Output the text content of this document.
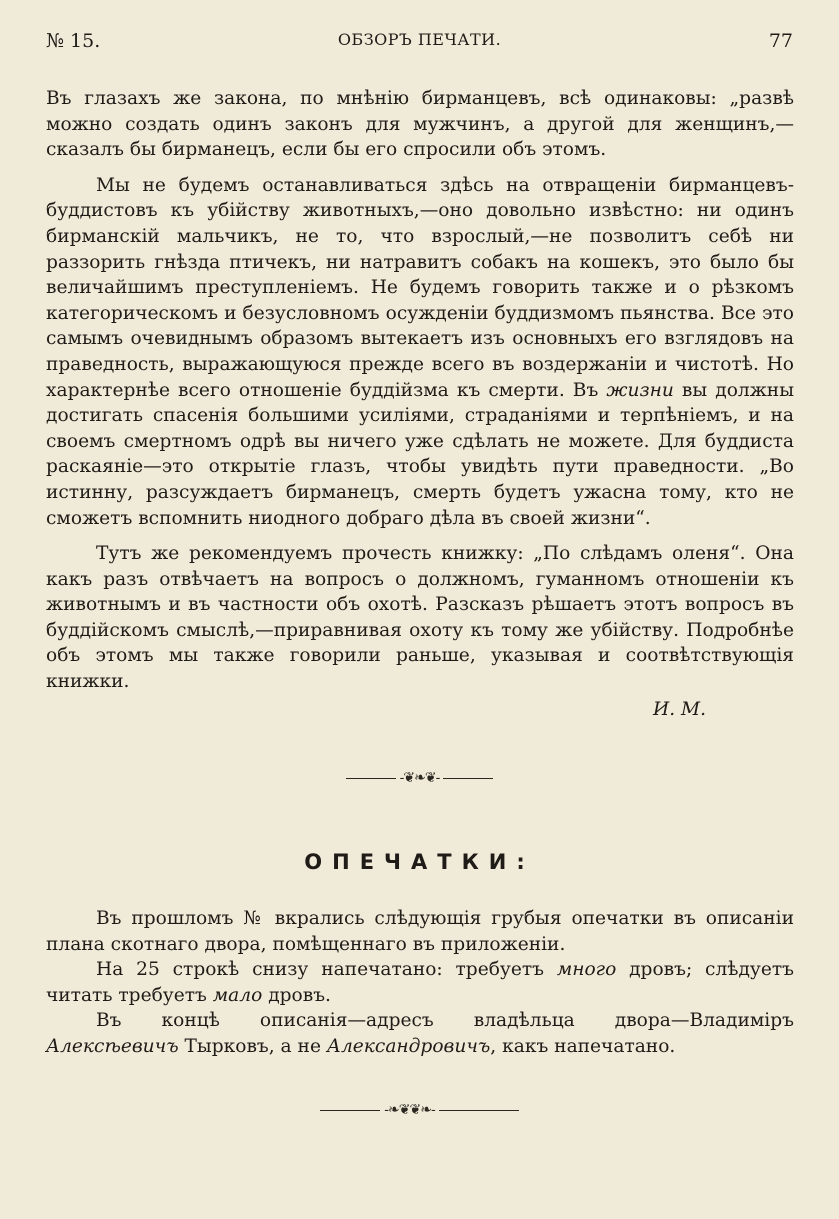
№ 15.	ОБЗОРЪ ПЕЧАТИ.	77

Въ глазахъ же закона, по мнѣнію бирманцевъ, всѣ одинаковы: „развѣ можно создать одинъ законъ для мужчинъ, а другой для женщинъ,—сказалъ бы бирманецъ, если бы его спросили объ этомъ.

Мы не будемъ останавливаться здѣсь на отвращеніи бирманцевъ-буддистовъ къ убійству животныхъ,—оно довольно извѣстно: ни одинъ бирманскій мальчикъ, не то, что взрослый,—не позволитъ себѣ ни раззорить гнѣзда птичекъ, ни натравитъ собакъ на кошекъ, это было бы величайшимъ преступленіемъ. Не будемъ говорить также и о рѣзкомъ категорическомъ и безусловномъ осужденіи буддизмомъ пьянства. Все это самымъ очевиднымъ образомъ вытекаетъ изъ основныхъ его взглядовъ на праведность, выражающуюся прежде всего въ воздержаніи и чистотѣ. Но характернѣе всего отношеніе буддійзма къ смерти. Въ жизни вы должны достигать спасенія большими усиліями, страданіями и терпѣніемъ, и на своемъ смертномъ одрѣ вы ничего уже сдѣлать не можете. Для буддиста раскаяніе—это открытіе глазъ, чтобы увидѣть пути праведности. „Во истинну, разсуждаетъ бирманецъ, смерть будетъ ужасна тому, кто не сможетъ вспомнить ниодного добраго дѣла въ своей жизни“.

Тутъ же рекомендуемъ прочесть книжку: „По слѣдамъ оленя“. Она какъ разъ отвѣчаетъ на вопросъ о должномъ, гуманномъ отношеніи къ животнымъ и въ частности объ охотѣ. Разсказъ рѣшаетъ этотъ вопросъ въ буддійскомъ смыслѣ,—приравнивая охоту къ тому же убійству. Подробнѣе объ этомъ мы также говорили раньше, указывая и соотвѣтствующія книжки.

И. М.

-❦❧❦-
ОПЕЧАТКИ:

Въ прошломъ № вкрались слѣдующія грубыя опечатки въ описаніи плана скотнаго двора, помѣщеннаго въ приложеніи.

На 25 строкѣ снизу напечатано: требуетъ много дровъ; слѣдуетъ читать требуетъ мало дровъ.

Въ концѣ описанія—адресъ владѣльца двора—Владиміръ Алексѣевичъ Тырковъ, а не Александровичъ, какъ напечатано.

-❧❦❦❧-
